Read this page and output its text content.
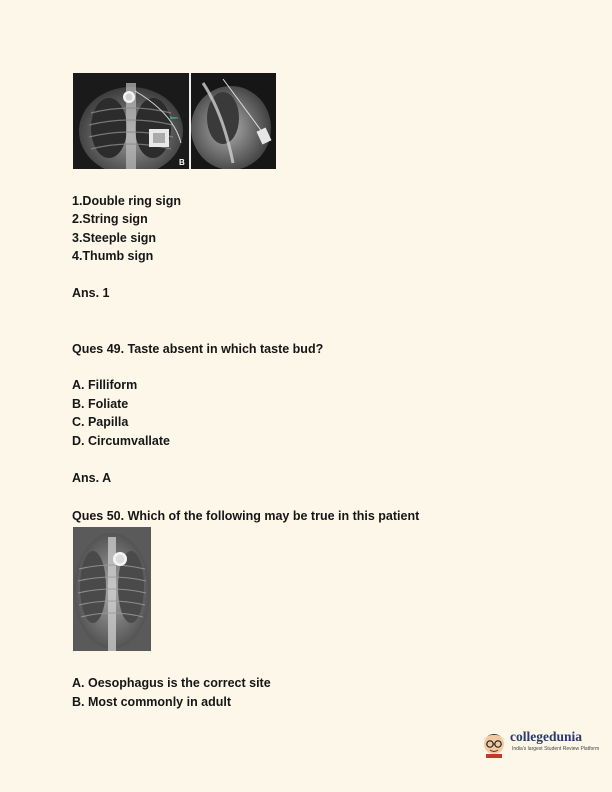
5cm
B
1.Double ring sign
2.String sign
3.Steeple sign
4.Thumb sign
Ans. 1
Ques 49. Taste absent in which taste bud?
A. Filliform
B. Foliate
C. Papilla
D. Circumvallate
Ans. A
Ques 50. Which of the following may be true in this patient
A. Oesophagus is the correct site
B. Most commonly in adult
collegedunia
India's largest Student Review Platform
